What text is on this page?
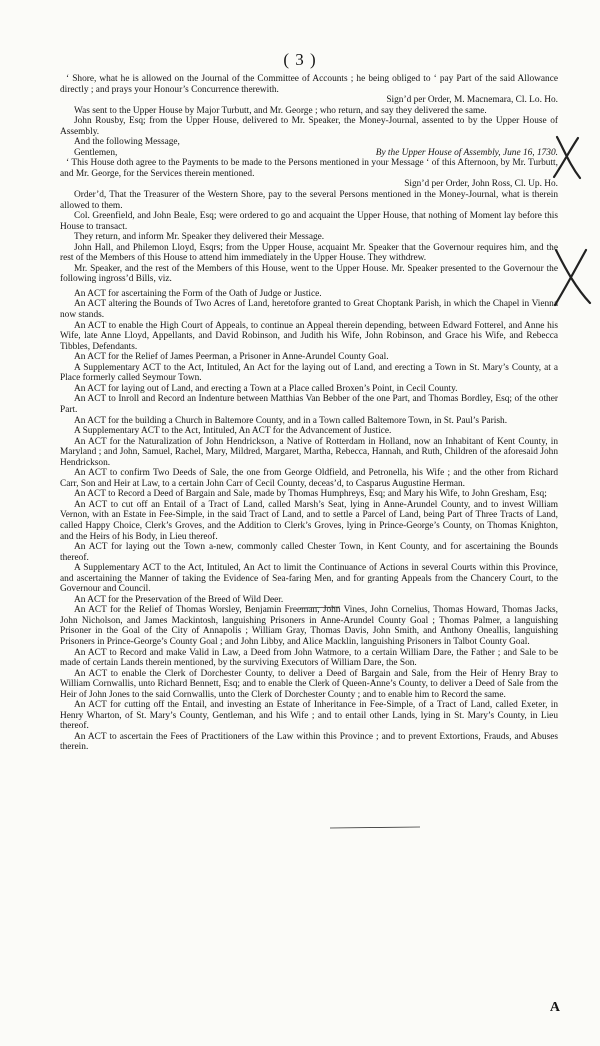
( 3 )

‘ Shore, what he is allowed on the Journal of the Committee of Accounts ; he being obliged to ‘ pay Part of the said Allowance directly ; and prays your Honour’s Concurrence therewith.

Sign’d per Order, M. Macnemara, Cl. Lo. Ho.

Was sent to the Upper House by Major Turbutt, and Mr. George ; who return, and say they delivered the same.

John Rousby, Esq; from the Upper House, delivered to Mr. Speaker, the Money-Journal, assented to by the Upper House of Assembly.

And the following Message,

By the Upper House of Assembly, June 16, 1730.
Gentlemen,

‘ This House doth agree to the Payments to be made to the Persons mentioned in your Message ‘ of this Afternoon, by Mr. Turbutt, and Mr. George, for the Services therein mentioned.

Sign’d per Order, John Ross, Cl. Up. Ho.

Order’d, That the Treasurer of the Western Shore, pay to the several Persons mentioned in the Money-Journal, what is therein allowed to them.

Col. Greenfield, and John Beale, Esq; were ordered to go and acquaint the Upper House, that nothing of Moment lay before this House to transact.

They return, and inform Mr. Speaker they delivered their Message.

John Hall, and Philemon Lloyd, Esqrs; from the Upper House, acquaint Mr. Speaker that the Governour requires him, and the rest of the Members of this House to attend him immediately in the Upper House. They withdrew.

Mr. Speaker, and the rest of the Members of this House, went to the Upper House. Mr. Speaker presented to the Governour the following ingross’d Bills, viz.

An ACT for ascertaining the Form of the Oath of Judge or Justice.

An ACT altering the Bounds of Two Acres of Land, heretofore granted to Great Choptank Parish, in which the Chapel in Vienna now stands.

An ACT to enable the High Court of Appeals, to continue an Appeal therein depending, between Edward Fotterel, and Anne his Wife, late Anne Lloyd, Appellants, and David Robinson, and Judith his Wife, John Robinson, and Grace his Wife, and Rebecca Tibbles, Defendants.

An ACT for the Relief of James Peerman, a Prisoner in Anne-Arundel County Goal.

A Supplementary ACT to the Act, Intituled, An Act for the laying out of Land, and erecting a Town in St. Mary’s County, at a Place formerly called Seymour Town.

An ACT for laying out of Land, and erecting a Town at a Place called Broxen’s Point, in Cecil County.

An ACT to Inroll and Record an Indenture between Matthias Van Bebber of the one Part, and Thomas Bordley, Esq; of the other Part.

An ACT for the building a Church in Baltemore County, and in a Town called Baltemore Town, in St. Paul’s Parish.

A Supplementary ACT to the Act, Intituled, An ACT for the Advancement of Justice.

An ACT for the Naturalization of John Hendrickson, a Native of Rotterdam in Holland, now an Inhabitant of Kent County, in Maryland ; and John, Samuel, Rachel, Mary, Mildred, Margaret, Martha, Rebecca, Hannah, and Ruth, Children of the aforesaid John Hendrickson.

An ACT to confirm Two Deeds of Sale, the one from George Oldfield, and Petronella, his Wife ; and the other from Richard Carr, Son and Heir at Law, to a certain John Carr of Cecil County, deceas’d, to Casparus Augustine Herman.

An ACT to Record a Deed of Bargain and Sale, made by Thomas Humphreys, Esq; and Mary his Wife, to John Gresham, Esq;

An ACT to cut off an Entail of a Tract of Land, called Marsh’s Seat, lying in Anne-Arundel County, and to invest William Vernon, with an Estate in Fee-Simple, in the said Tract of Land, and to settle a Parcel of Land, being Part of Three Tracts of Land, called Happy Choice, Clerk’s Groves, and the Addition to Clerk’s Groves, lying in Prince-George’s County, on Thomas Knighton, and the Heirs of his Body, in Lieu thereof.

An ACT for laying out the Town a-new, commonly called Chester Town, in Kent County, and for ascertaining the Bounds thereof.

A Supplementary ACT to the Act, Intituled, An Act to limit the Continuance of Actions in several Courts within this Province, and ascertaining the Manner of taking the Evidence of Sea-faring Men, and for granting Appeals from the Chancery Court, to the Governour and Council.

An ACT for the Preservation of the Breed of Wild Deer.

An ACT for the Relief of Thomas Worsley, Benjamin Freeman, John Vines, John Cornelius, Thomas Howard, Thomas Jacks, John Nicholson, and James Mackintosh, languishing Prisoners in Anne-Arundel County Goal ; Thomas Palmer, a languishing Prisoner in the Goal of the City of Annapolis ; William Gray, Thomas Davis, John Smith, and Anthony Oneallis, languishing Prisoners in Prince-George’s County Goal ; and John Libby, and Alice Macklin, languishing Prisoners in Talbot County Goal.

An ACT to Record and make Valid in Law, a Deed from John Watmore, to a certain William Dare, the Father ; and Sale to be made of certain Lands therein mentioned, by the surviving Executors of William Dare, the Son.

An ACT to enable the Clerk of Dorchester County, to deliver a Deed of Bargain and Sale, from the Heir of Henry Bray to William Cornwallis, unto Richard Bennett, Esq; and to enable the Clerk of Queen-Anne’s County, to deliver a Deed of Sale from the Heir of John Jones to the said Cornwallis, unto the Clerk of Dorchester County ; and to enable him to Record the same.

An ACT for cutting off the Entail, and investing an Estate of Inheritance in Fee-Simple, of a Tract of Land, called Exeter, in Henry Wharton, of St. Mary’s County, Gentleman, and his Wife ; and to entail other Lands, lying in St. Mary’s County, in Lieu thereof.

An ACT to ascertain the Fees of Practitioners of the Law within this Province ; and to prevent Extortions, Frauds, and Abuses therein.

A
